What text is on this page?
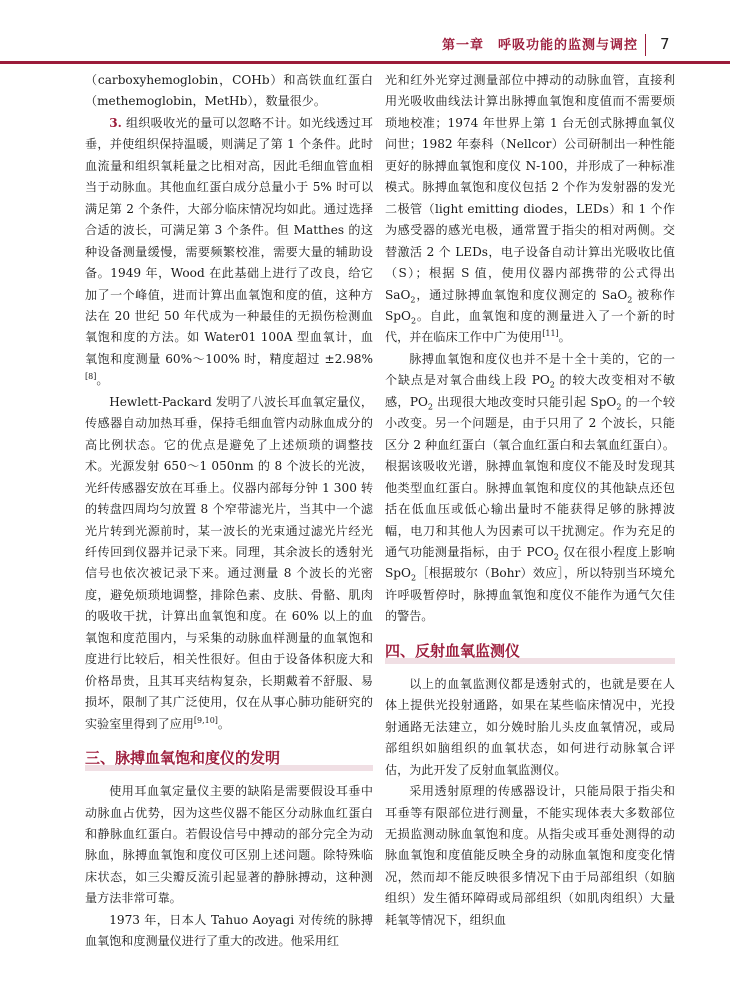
第一章　呼吸功能的监测与调控 7

（carboxyhemoglobin，COHb）和高铁血红蛋白（methemoglobin，MetHb），数量很少。

3. 组织吸收光的量可以忽略不计。如光线透过耳垂，并使组织保持温暖，则满足了第 1 个条件。此时血流量和组织氧耗量之比相对高，因此毛细血管血相当于动脉血。其他血红蛋白成分总量小于 5% 时可以满足第 2 个条件，大部分临床情况均如此。通过选择合适的波长，可满足第 3 个条件。但 Matthes 的这种设备测量缓慢，需要频繁校准，需要大量的辅助设备。1949 年，Wood 在此基础上进行了改良，给它加了一个峰值，进而计算出血氧饱和度的值，这种方法在 20 世纪 50 年代成为一种最佳的无损伤检测血氧饱和度的方法。如 Water01 100A 型血氧计，血氧饱和度测量 60%～100% 时，精度超过 ±2.98%[8]。

Hewlett-Packard 发明了八波长耳血氧定量仪，传感器自动加热耳垂，保持毛细血管内动脉血成分的高比例状态。它的优点是避免了上述烦琐的调整技术。光源发射 650～1 050nm 的 8 个波长的光波，光纤传感器安放在耳垂上。仪器内部每分钟 1 300 转的转盘四周均匀放置 8 个窄带滤光片，当其中一个滤光片转到光源前时，某一波长的光束通过滤光片经光纤传回到仪器并记录下来。同理，其余波长的透射光信号也依次被记录下来。通过测量 8 个波长的光密度，避免烦琐地调整，排除色素、皮肤、骨骼、肌肉的吸收干扰，计算出血氧饱和度。在 60% 以上的血氧饱和度范围内，与采集的动脉血样测量的血氧饱和度进行比较后，相关性很好。但由于设备体积庞大和价格昂贵，且其耳夹结构复杂，长期戴着不舒服、易损坏，限制了其广泛使用，仅在从事心肺功能研究的实验室里得到了应用[9,10]。

三、脉搏血氧饱和度仪的发明

使用耳血氧定量仪主要的缺陷是需要假设耳垂中动脉血占优势，因为这些仪器不能区分动脉血红蛋白和静脉血红蛋白。若假设信号中搏动的部分完全为动脉血，脉搏血氧饱和度仪可区别上述问题。除特殊临床状态，如三尖瓣反流引起显著的静脉搏动，这种测量方法非常可靠。

1973 年，日本人 Tahuo Aoyagi 对传统的脉搏血氧饱和度测量仪进行了重大的改进。他采用红

光和红外光穿过测量部位中搏动的动脉血管，直接利用光吸收曲线法计算出脉搏血氧饱和度值而不需要烦琐地校准；1974 年世界上第 1 台无创式脉搏血氧仪问世；1982 年泰科（Nellcor）公司研制出一种性能更好的脉搏血氧饱和度仪 N-100，并形成了一种标准模式。脉搏血氧饱和度仪包括 2 个作为发射器的发光二极管（light emitting diodes，LEDs）和 1 个作为感受器的感光电极，通常置于指尖的相对两侧。交替激活 2 个 LEDs，电子设备自动计算出光吸收比值（S）；根据 S 值，使用仪器内部携带的公式得出 SaO$_2$，通过脉搏血氧饱和度仪测定的 SaO$_2$ 被称作 SpO$_2$。自此，血氧饱和度的测量进入了一个新的时代，并在临床工作中广为使用[11]。

脉搏血氧饱和度仪也并不是十全十美的，它的一个缺点是对氧合曲线上段 $PO_2$ 的较大改变相对不敏感，$PO_2$ 出现很大地改变时只能引起 SpO$_2$ 的一个较小改变。另一个问题是，由于只用了 2 个波长，只能区分 2 种血红蛋白（氧合血红蛋白和去氧血红蛋白）。根据该吸收光谱，脉搏血氧饱和度仪不能及时发现其他类型血红蛋白。脉搏血氧饱和度仪的其他缺点还包括在低血压或低心输出量时不能获得足够的脉搏波幅，电刀和其他人为因素可以干扰测定。作为充足的通气功能测量指标，由于 $PCO_2$ 仅在很小程度上影响 SpO$_2$［根据玻尔（Bohr）效应］，所以特别当环境允许呼吸暂停时，脉搏血氧饱和度仪不能作为通气欠佳的警告。

四、反射血氧监测仪

以上的血氧监测仪都是透射式的，也就是要在人体上提供光投射通路，如果在某些临床情况中，光投射通路无法建立，如分娩时胎儿头皮血氧情况，或局部组织如脑组织的血氧状态，如何进行动脉氧合评估，为此开发了反射血氧监测仪。

采用透射原理的传感器设计，只能局限于指尖和耳垂等有限部位进行测量，不能实现体表大多数部位无损监测动脉血氧饱和度。从指尖或耳垂处测得的动脉血氧饱和度值能反映全身的动脉血氧饱和度变化情况，然而却不能反映很多情况下由于局部组织（如脑组织）发生循环障碍或局部组织（如肌肉组织）大量耗氧等情况下，组织血
